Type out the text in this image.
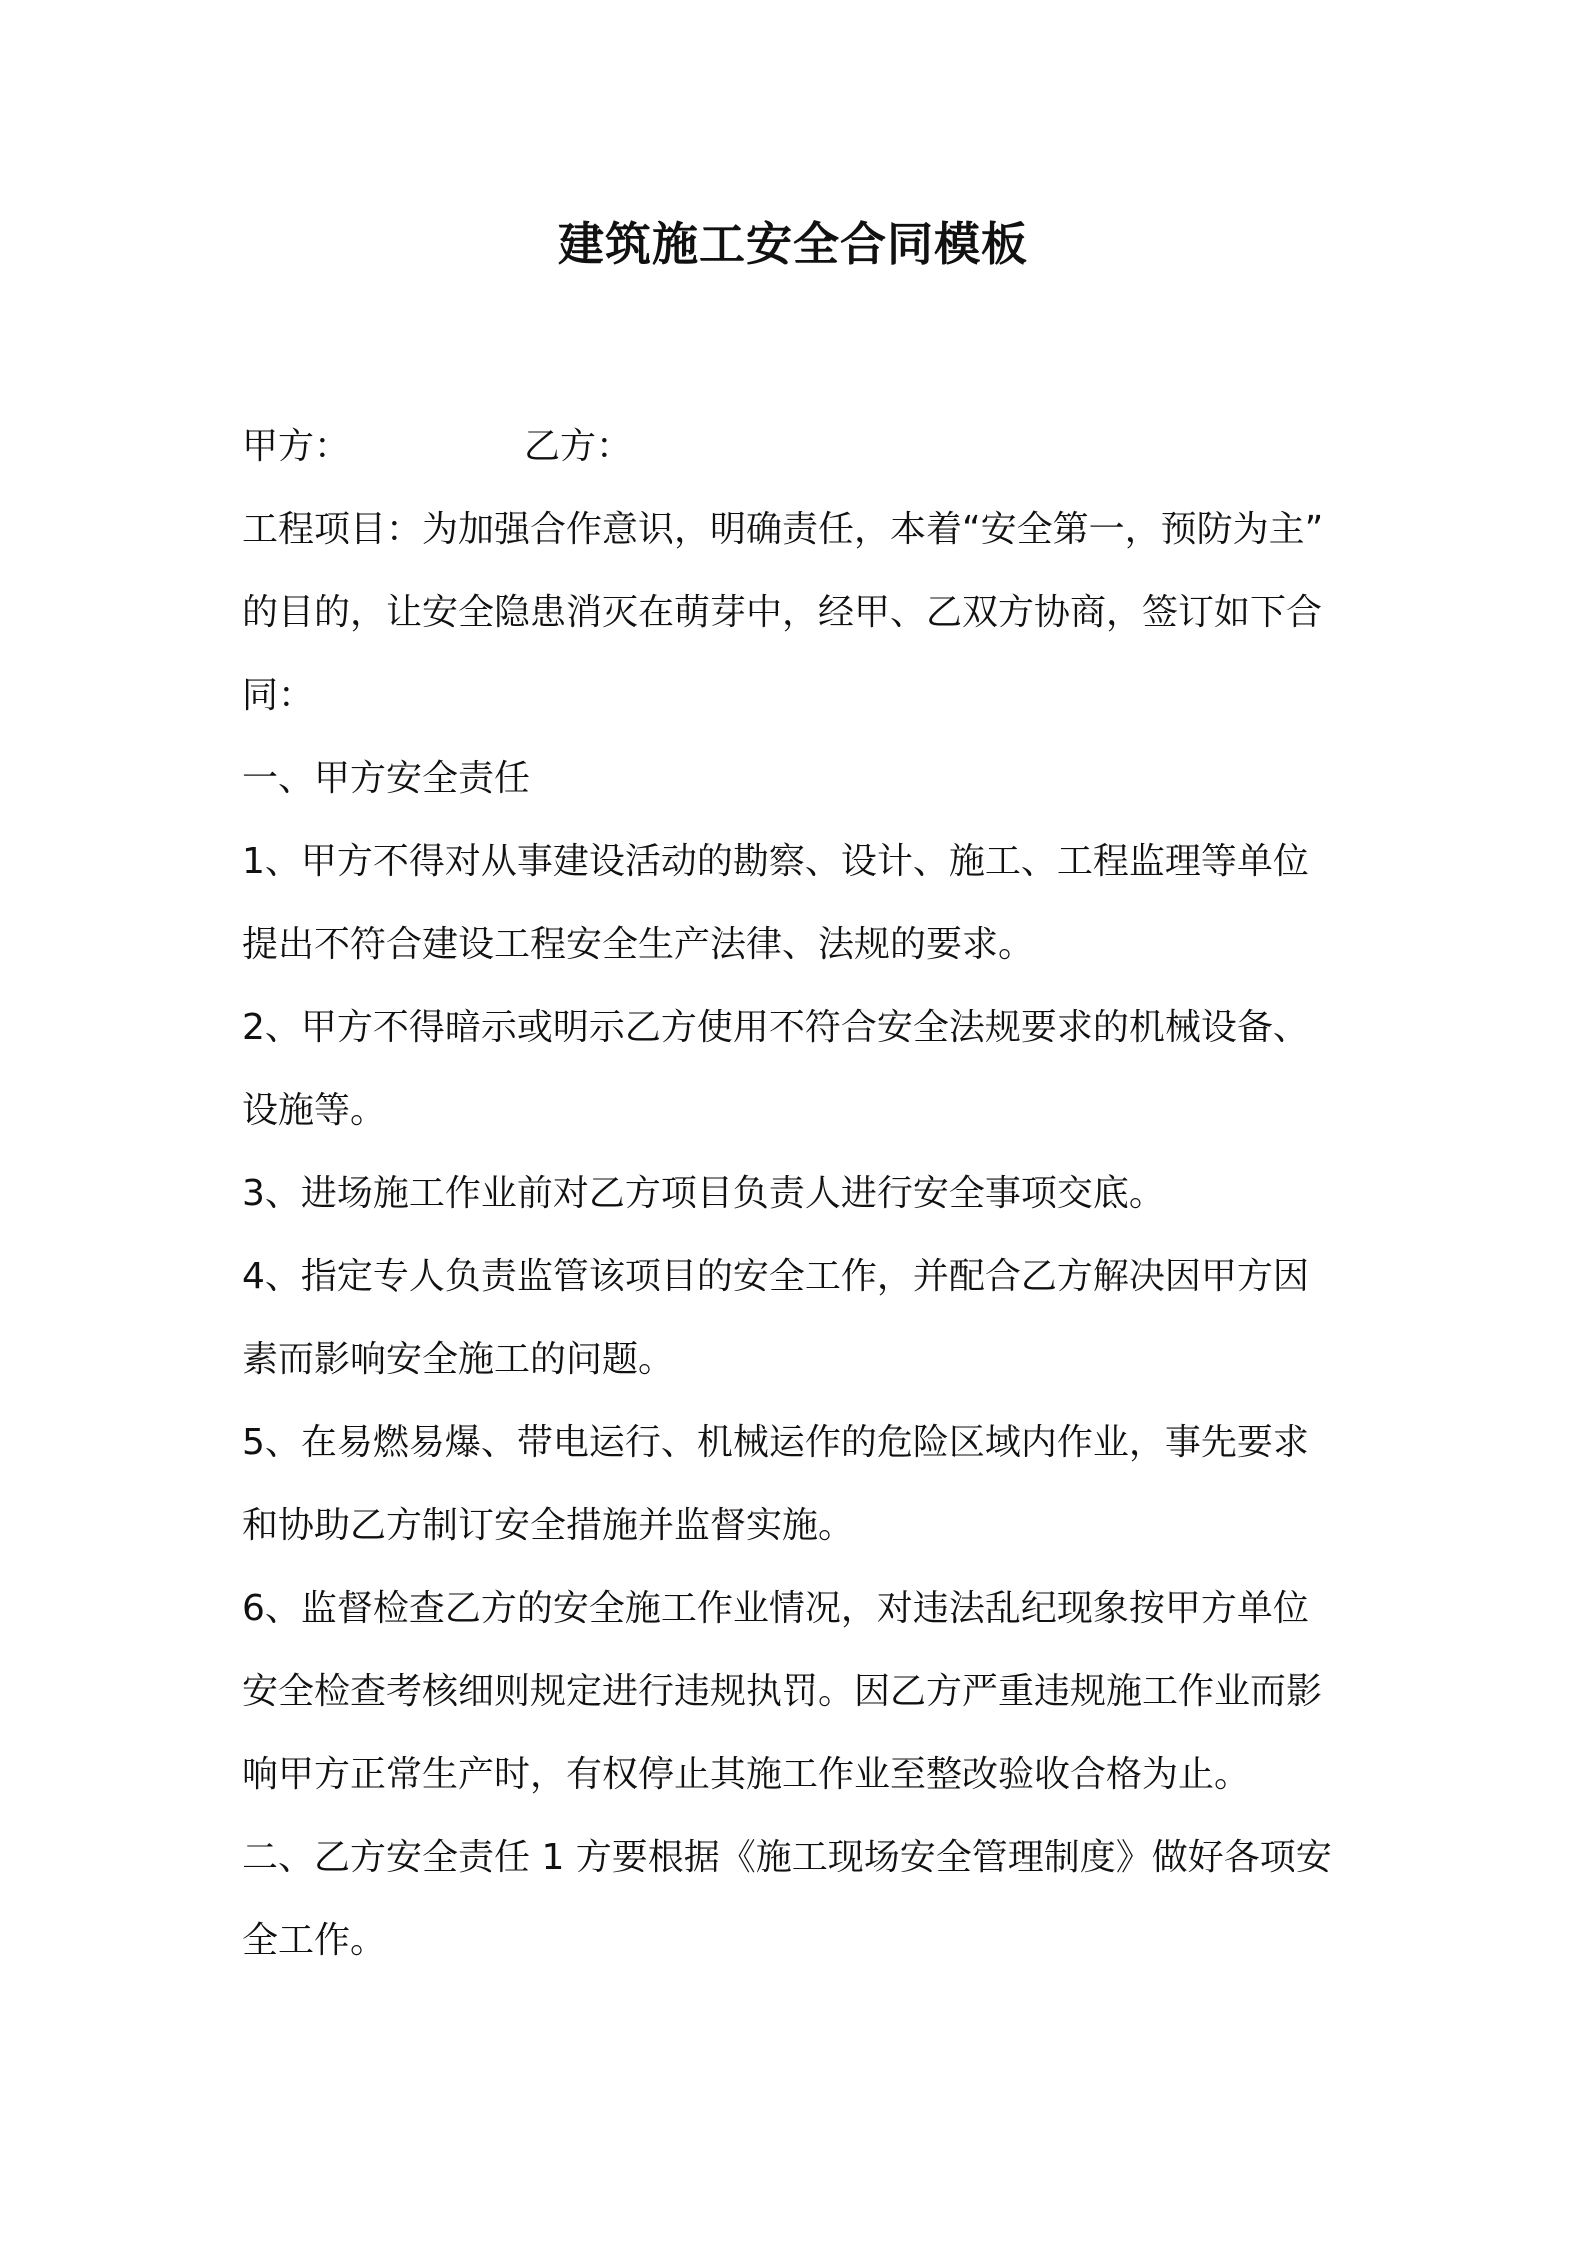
建筑施工安全合同模板
甲方：	乙方：
工程项目：为加强合作意识，明确责任，本着“安全第一，预防为主”
的目的，让安全隐患消灭在萌芽中，经甲、乙双方协商，签订如下合
同：
一、甲方安全责任
1、甲方不得对从事建设活动的勘察、设计、施工、工程监理等单位
提出不符合建设工程安全生产法律、法规的要求。
2、甲方不得暗示或明示乙方使用不符合安全法规要求的机械设备、
设施等。
3、进场施工作业前对乙方项目负责人进行安全事项交底。
4、指定专人负责监管该项目的安全工作，并配合乙方解决因甲方因
素而影响安全施工的问题。
5、在易燃易爆、带电运行、机械运作的危险区域内作业，事先要求
和协助乙方制订安全措施并监督实施。
6、监督检查乙方的安全施工作业情况，对违法乱纪现象按甲方单位
安全检查考核细则规定进行违规执罚。因乙方严重违规施工作业而影
响甲方正常生产时，有权停止其施工作业至整改验收合格为止。
二、乙方安全责任 1 方要根据《施工现场安全管理制度》做好各项安
全工作。
